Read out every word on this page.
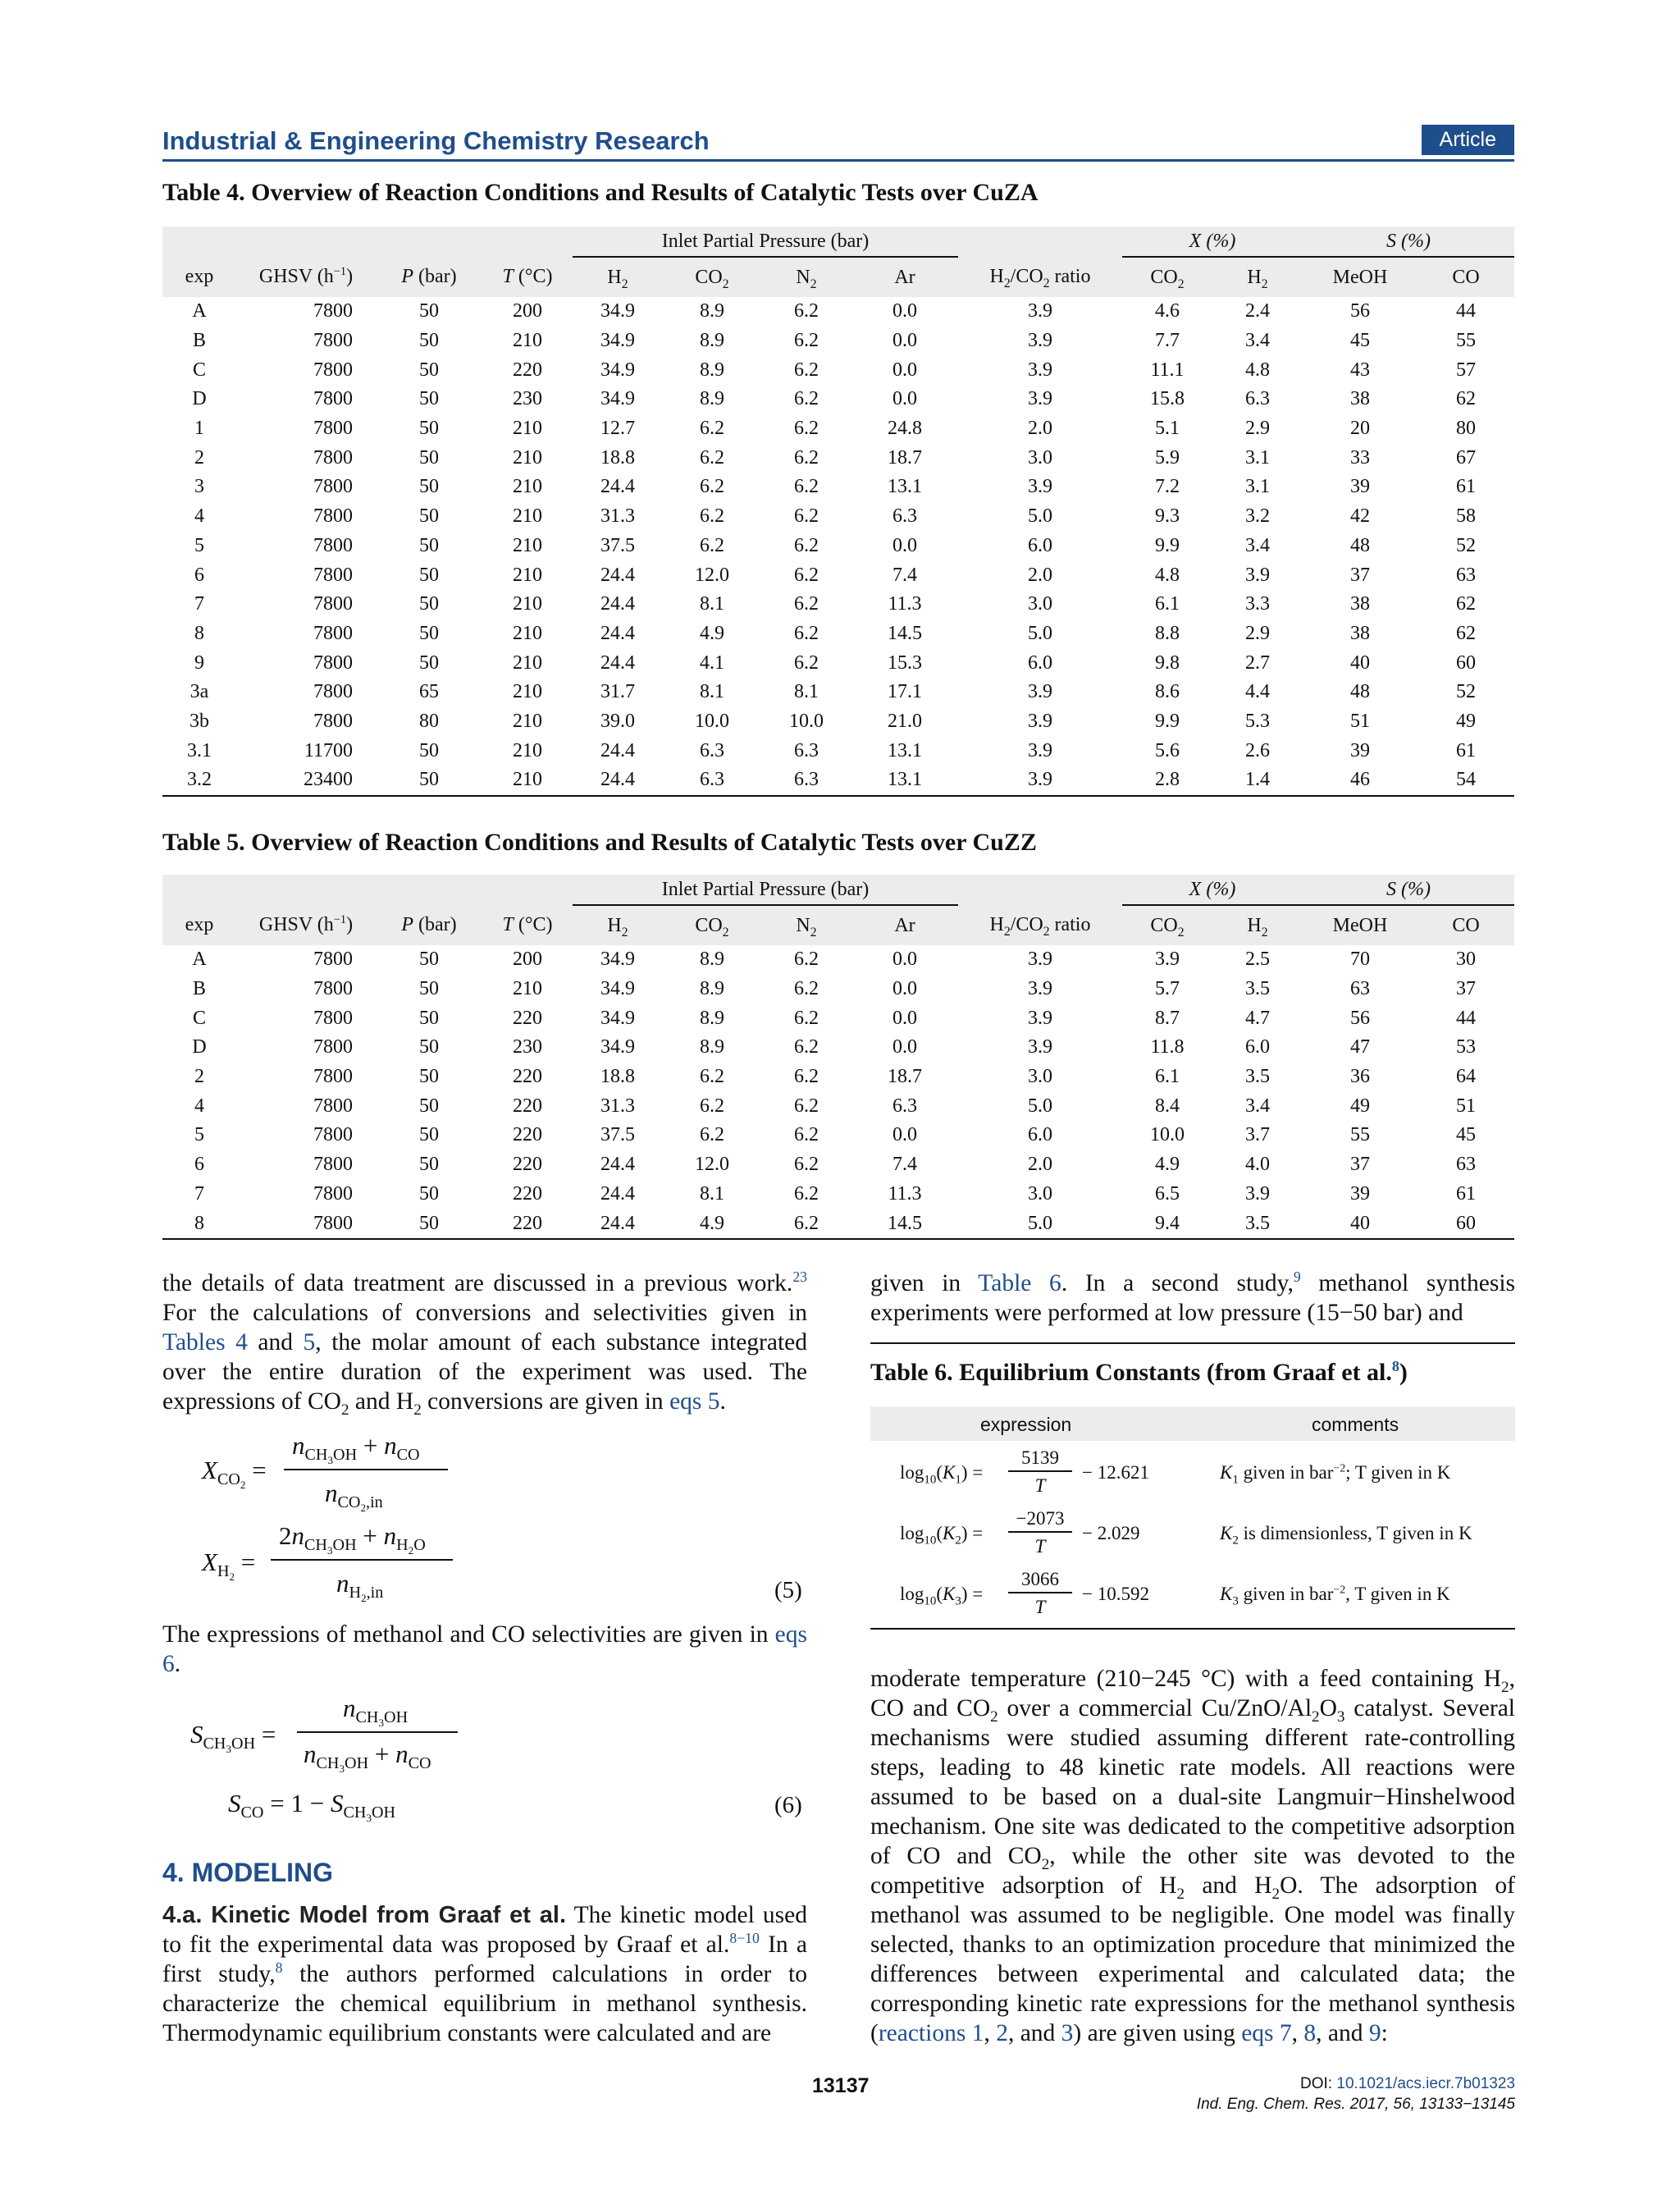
Industrial & Engineering Chemistry Research	Article
Table 4. Overview of Reaction Conditions and Results of Catalytic Tests over CuZA
				Inlet Partial Pressure (bar)					X (%)		S (%)	
exp	GHSV $(h^{-1})$	P (bar)	T (°C)	$H_2$	$CO_2$	$N_2$	Ar	$H_2/CO_2$ ratio	$CO_2$	$H_2$	MeOH	CO
A	7800	50	200	34.9	8.9	6.2	0.0	3.9	4.6	2.4	56	44
B	7800	50	210	34.9	8.9	6.2	0.0	3.9	7.7	3.4	45	55
C	7800	50	220	34.9	8.9	6.2	0.0	3.9	11.1	4.8	43	57
D	7800	50	230	34.9	8.9	6.2	0.0	3.9	15.8	6.3	38	62
1	7800	50	210	12.7	6.2	6.2	24.8	2.0	5.1	2.9	20	80
2	7800	50	210	18.8	6.2	6.2	18.7	3.0	5.9	3.1	33	67
3	7800	50	210	24.4	6.2	6.2	13.1	3.9	7.2	3.1	39	61
4	7800	50	210	31.3	6.2	6.2	6.3	5.0	9.3	3.2	42	58
5	7800	50	210	37.5	6.2	6.2	0.0	6.0	9.9	3.4	48	52
6	7800	50	210	24.4	12.0	6.2	7.4	2.0	4.8	3.9	37	63
7	7800	50	210	24.4	8.1	6.2	11.3	3.0	6.1	3.3	38	62
8	7800	50	210	24.4	4.9	6.2	14.5	5.0	8.8	2.9	38	62
9	7800	50	210	24.4	4.1	6.2	15.3	6.0	9.8	2.7	40	60
3a	7800	65	210	31.7	8.1	8.1	17.1	3.9	8.6	4.4	48	52
3b	7800	80	210	39.0	10.0	10.0	21.0	3.9	9.9	5.3	51	49
3.1	11700	50	210	24.4	6.3	6.3	13.1	3.9	5.6	2.6	39	61
3.2	23400	50	210	24.4	6.3	6.3	13.1	3.9	2.8	1.4	46	54
Table 5. Overview of Reaction Conditions and Results of Catalytic Tests over CuZZ
				Inlet Partial Pressure (bar)					X (%)		S (%)	
exp	GHSV $(h^{-1})$	P (bar)	T (°C)	$H_2$	$CO_2$	$N_2$	Ar	$H_2/CO_2$ ratio	$CO_2$	$H_2$	MeOH	CO
A	7800	50	200	34.9	8.9	6.2	0.0	3.9	3.9	2.5	70	30
B	7800	50	210	34.9	8.9	6.2	0.0	3.9	5.7	3.5	63	37
C	7800	50	220	34.9	8.9	6.2	0.0	3.9	8.7	4.7	56	44
D	7800	50	230	34.9	8.9	6.2	0.0	3.9	11.8	6.0	47	53
2	7800	50	220	18.8	6.2	6.2	18.7	3.0	6.1	3.5	36	64
4	7800	50	220	31.3	6.2	6.2	6.3	5.0	8.4	3.4	49	51
5	7800	50	220	37.5	6.2	6.2	0.0	6.0	10.0	3.7	55	45
6	7800	50	220	24.4	12.0	6.2	7.4	2.0	4.9	4.0	37	63
7	7800	50	220	24.4	8.1	6.2	11.3	3.0	6.5	3.9	39	61
8	7800	50	220	24.4	4.9	6.2	14.5	5.0	9.4	3.5	40	60

the details of data treatment are discussed in a previous work.$^{23}$ For the calculations of conversions and selectivities given in Tables 4 and 5, the molar amount of each substance integrated over the entire duration of the experiment was used. The expressions of $CO_2$ and $H_2$ conversions are given in eqs 5.

$X_{CO_2}$ =
$n_{CH_3OH} + n_{CO}$
$n_{CO_2,in}$
$X_{H_2}$ =
$2n_{CH_3OH} + n_{H_2O}$
$n_{H_2,in}$	(5)

The expressions of methanol and CO selectivities are given in eqs 6.

$S_{CH_3OH}$ =
$n_{CH_3OH}$
$n_{CH_3OH} + n_{CO}$
$S_{CO} = 1 - S_{CH_3OH}$	(6)
4. MODELING

4.a. Kinetic Model from Graaf et al. The kinetic model used to fit the experimental data was proposed by Graaf et al.$^{8-10}$ In a first study,$^8$ the authors performed calculations in order to characterize the chemical equilibrium in methanol synthesis. Thermodynamic equilibrium constants were calculated and are

given in Table 6. In a second study,$^9$ methanol synthesis experiments were performed at low pressure (15−50 bar) and

Table 6. Equilibrium Constants (from Graaf et al.$^8$)
expression	comments
$\log_{10}(K_1)$ =
5139
T
− 12.621	$K_1$ given in bar$^{-2}$; T given in K
$\log_{10}(K_2)$ =
−2073
T
− 2.029	$K_2$ is dimensionless, T given in K
$\log_{10}(K_3)$ =
3066
T
− 10.592	$K_3$ given in bar$^{-2}$, T given in K

moderate temperature (210−245 °C) with a feed containing $H_2$, CO and $CO_2$ over a commercial $Cu/ZnO/Al_2O_3$ catalyst. Several mechanisms were studied assuming different rate-controlling steps, leading to 48 kinetic rate models. All reactions were assumed to be based on a dual-site Langmuir−Hinshelwood mechanism. One site was dedicated to the competitive adsorption of CO and $CO_2$, while the other site was devoted to the competitive adsorption of $H_2$ and $H_2O$. The adsorption of methanol was assumed to be negligible. One model was finally selected, thanks to an optimization procedure that minimized the differences between experimental and calculated data; the corresponding kinetic rate expressions for the methanol synthesis (reactions 1, 2, and 3) are given using eqs 7, 8, and 9:

13137	DOI: 10.1021/acs.iecr.7b01323
Ind. Eng. Chem. Res. 2017, 56, 13133−13145
